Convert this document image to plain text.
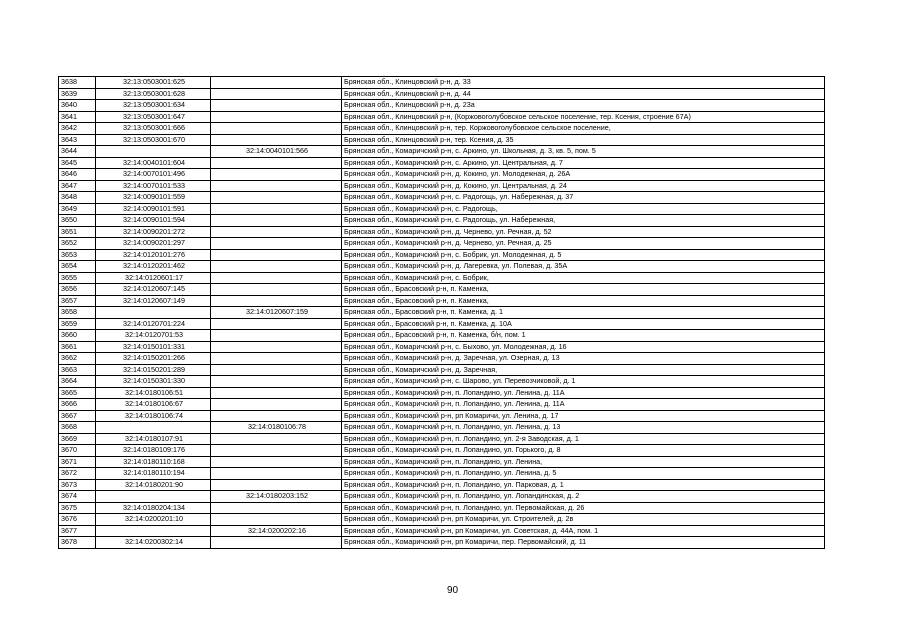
3638	32:13:0503001:625		Брянская обл., Клинцовский р-н, д. 33
3639	32:13:0503001:628		Брянская обл., Клинцовский р-н, д. 44
3640	32:13:0503001:634		Брянская обл., Клинцовский р-н, д. 23а
3641	32:13:0503001:647		Брянская обл., Клинцовский р-н, (Коржовоголубовское сельское поселение, тер. Ксения, строение 67А)
3642	32:13:0503001:666		Брянская обл., Клинцовский р-н, тер. Коржовоголубовское сельское поселение,
3643	32:13:0503001:670		Брянская обл., Клинцовский р-н, тер. Ксения, д. 35
3644		32:14:0040101:566	Брянская обл., Комаричский р-н, с. Аркино, ул. Школьная, д. 3, кв. 5, пом. 5
3645	32:14:0040101:604		Брянская обл., Комаричский р-н, с. Аркино, ул. Центральная, д. 7
3646	32:14:0070101:496		Брянская обл., Комаричский р-н, д. Кокино, ул. Молодежная, д. 26А
3647	32:14:0070101:533		Брянская обл., Комаричский р-н, д. Кокино, ул. Центральная, д. 24
3648	32:14:0090101:559		Брянская обл., Комаричский р-н, с. Радогощь, ул. Набережная, д. 37
3649	32:14:0090101:591		Брянская обл., Комаричский р-н, с. Радогощь,
3650	32:14:0090101:594		Брянская обл., Комаричский р-н, с. Радогощь, ул. Набережная,
3651	32:14:0090201:272		Брянская обл., Комаричский р-н, д. Чернево, ул. Речная, д. 52
3652	32:14:0090201:297		Брянская обл., Комаричский р-н, д. Чернево, ул. Речная, д. 25
3653	32:14:0120101:276		Брянская обл., Комаричский р-н, с. Бобрик, ул. Молодежная, д. 5
3654	32:14:0120201:462		Брянская обл., Комаричский р-н, д. Лагеревка, ул. Полевая, д. 35А
3655	32:14:0120601:17		Брянская обл., Комаричский р-н, с. Бобрик,
3656	32:14:0120607:145		Брянская обл., Брасовский р-н, п. Каменка,
3657	32:14:0120607:149		Брянская обл., Брасовский р-н, п. Каменка,
3658		32:14:0120607:159	Брянская обл., Брасовский р-н, п. Каменка, д. 1
3659	32:14:0120701:224		Брянская обл., Брасовский р-н, п. Каменка, д. 10А
3660	32:14:0120701:53		Брянская обл., Брасовский р-н, п. Каменка, б/н, пом. 1
3661	32:14:0150101:331		Брянская обл., Комаричский р-н, с. Быхово, ул. Молодежная, д. 16
3662	32:14:0150201:266		Брянская обл., Комаричский р-н, д. Заречная, ул. Озерная, д. 13
3663	32:14:0150201:289		Брянская обл., Комаричский р-н, д. Заречная,
3664	32:14:0150301:330		Брянская обл., Комаричский р-н, с. Шарово, ул. Перевозчиковой, д. 1
3665	32:14:0180106:51		Брянская обл., Комаричский р-н, п. Лопандино, ул. Ленина, д. 11А
3666	32:14:0180106:67		Брянская обл., Комаричский р-н, п. Лопандино, ул. Ленина, д. 11А
3667	32:14:0180106:74		Брянская обл., Комаричский р-н, рп Комаричи, ул. Ленина, д. 17
3668		32:14:0180106:78	Брянская обл., Комаричский р-н, п. Лопандино, ул. Ленина, д. 13
3669	32:14:0180107:91		Брянская обл., Комаричский р-н, п. Лопандино, ул. 2-я Заводская, д. 1
3670	32:14:0180109:176		Брянская обл., Комаричский р-н, п. Лопандино, ул. Горького, д. 8
3671	32:14:0180110:168		Брянская обл., Комаричский р-н, п. Лопандино, ул. Ленина,
3672	32:14:0180110:194		Брянская обл., Комаричский р-н, п. Лопандино, ул. Ленина, д. 5
3673	32:14:0180201:90		Брянская обл., Комаричский р-н, п. Лопандино, ул. Парковая, д. 1
3674		32:14:0180203:152	Брянская обл., Комаричский р-н, п. Лопандино, ул. Лопандинская, д. 2
3675	32:14:0180204:134		Брянская обл., Комаричский р-н, п. Лопандино, ул. Первомайская, д. 26
3676	32:14:0200201:10		Брянская обл., Комаричский р-н, рп Комаричи, ул. Строителей, д. 2в
3677		32:14:0200202:16	Брянская обл., Комаричский р-н, рп Комаричи, ул. Советская, д. 44А, пом. 1
3678	32:14:0200302:14		Брянская обл., Комаричский р-н, рп Комаричи, пер. Первомайский, д. 11
90
